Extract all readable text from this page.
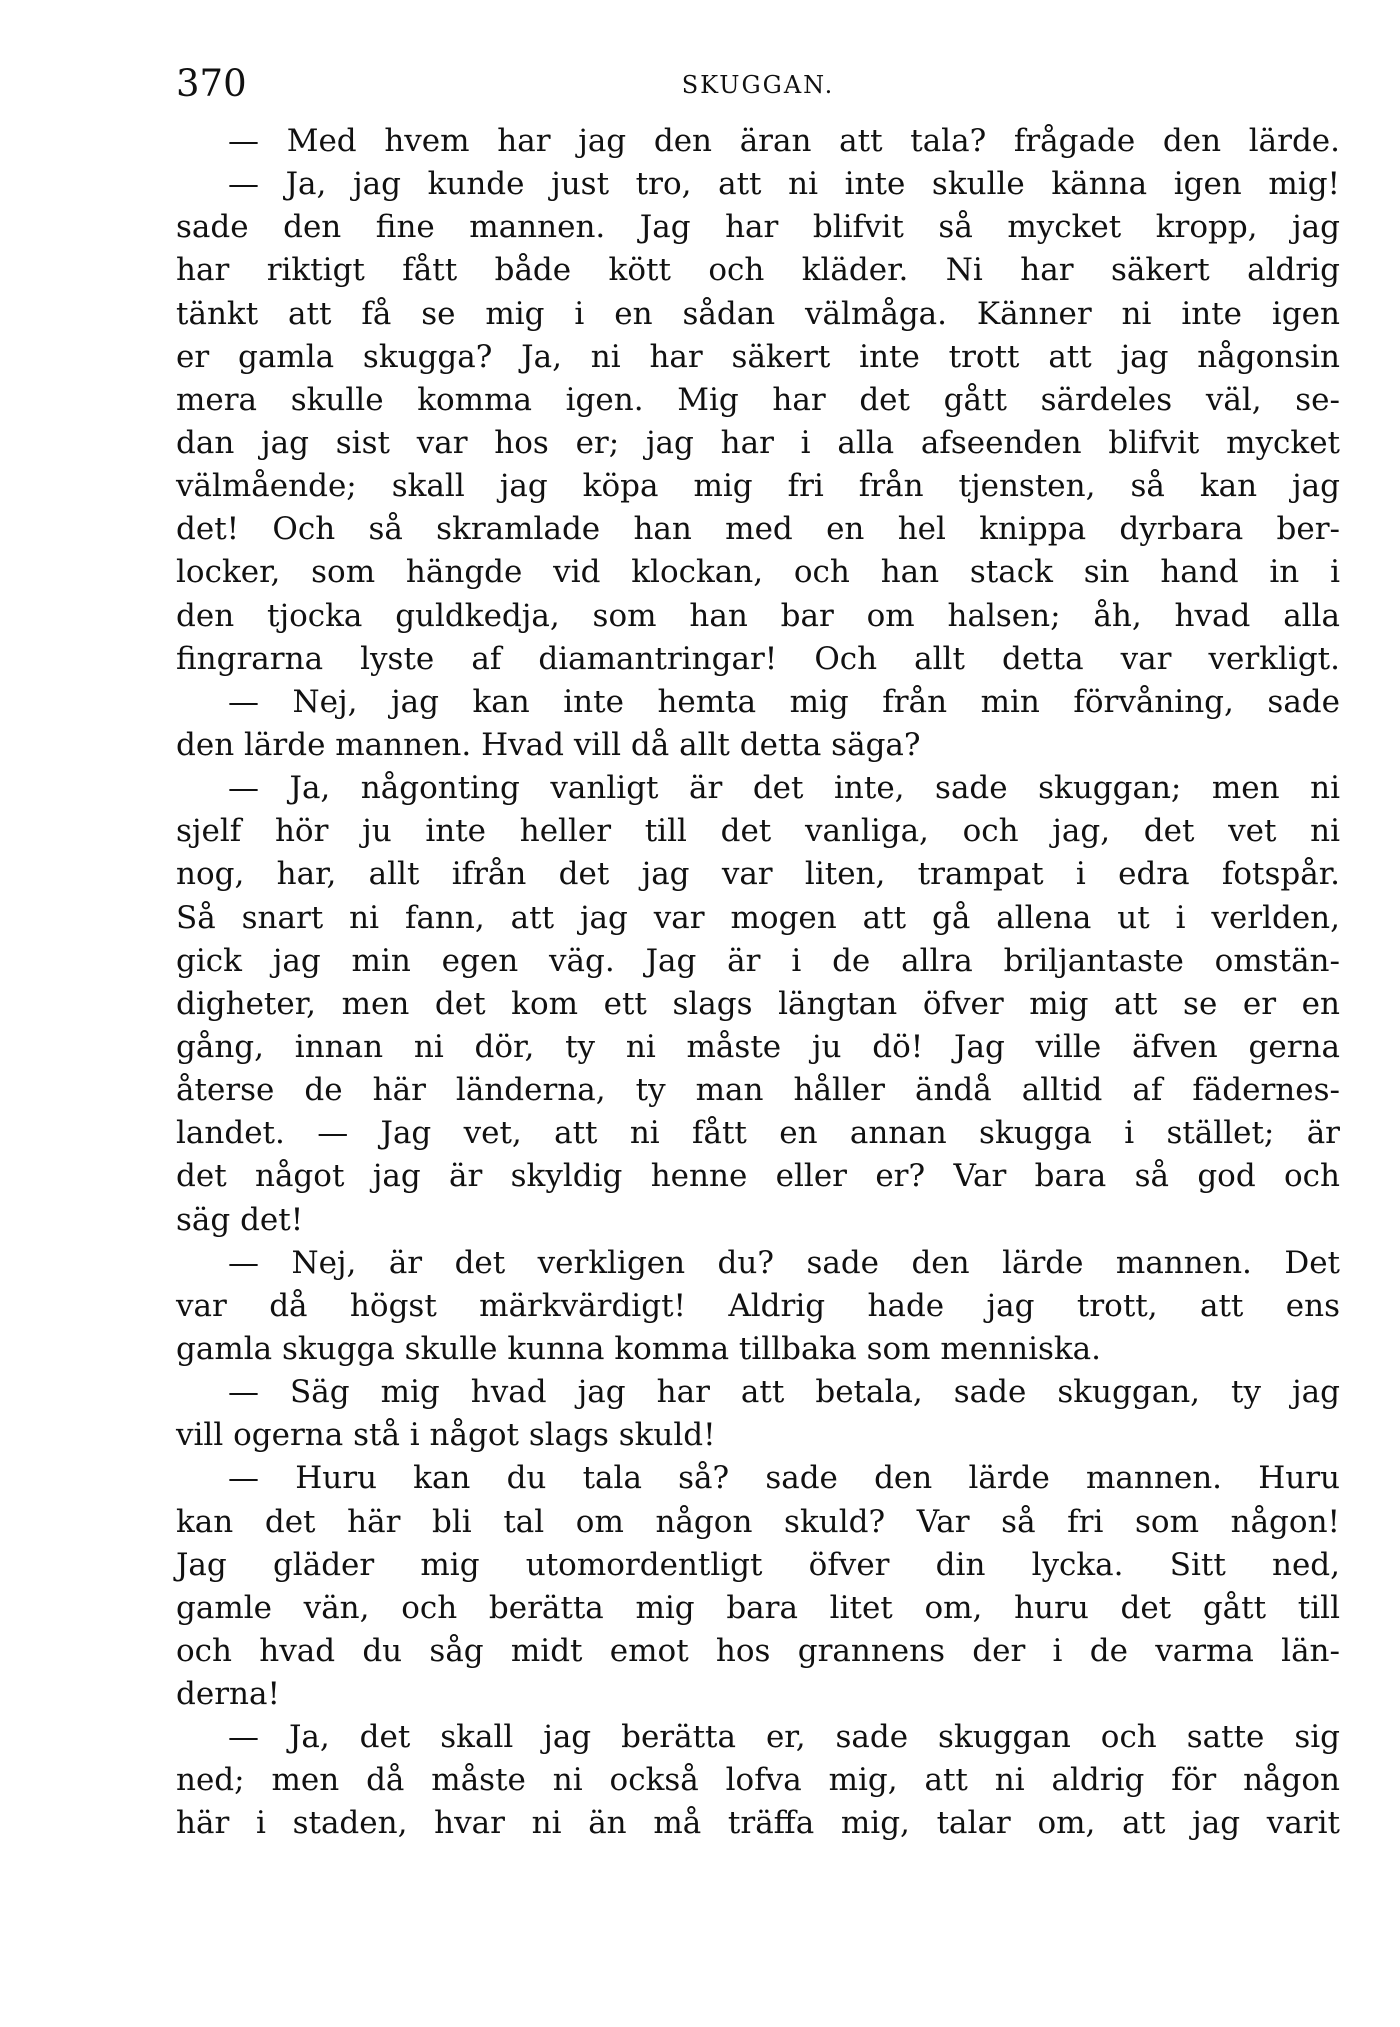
370	SKUGGAN.
— Med hvem har jag den äran att tala? frågade den lärde.
— Ja, jag kunde just tro, att ni inte skulle känna igen mig!
sade den fine mannen. Jag har blifvit så mycket kropp, jag
har riktigt fått både kött och kläder. Ni har säkert aldrig
tänkt att få se mig i en sådan välmåga. Känner ni inte igen
er gamla skugga? Ja, ni har säkert inte trott att jag någonsin
mera skulle komma igen. Mig har det gått särdeles väl, se-
dan jag sist var hos er; jag har i alla afseenden blifvit mycket
välmående; skall jag köpa mig fri från tjensten, så kan jag
det! Och så skramlade han med en hel knippa dyrbara ber-
locker, som hängde vid klockan, och han stack sin hand in i
den tjocka guldkedja, som han bar om halsen; åh, hvad alla
fingrarna lyste af diamantringar! Och allt detta var verkligt.
— Nej, jag kan inte hemta mig från min förvåning, sade
den lärde mannen. Hvad vill då allt detta säga?
— Ja, någonting vanligt är det inte, sade skuggan; men ni
sjelf hör ju inte heller till det vanliga, och jag, det vet ni
nog, har, allt ifrån det jag var liten, trampat i edra fotspår.
Så snart ni fann, att jag var mogen att gå allena ut i verlden,
gick jag min egen väg. Jag är i de allra briljantaste omstän-
digheter, men det kom ett slags längtan öfver mig att se er en
gång, innan ni dör, ty ni måste ju dö! Jag ville äfven gerna
återse de här länderna, ty man håller ändå alltid af fädernes-
landet. — Jag vet, att ni fått en annan skugga i stället; är
det något jag är skyldig henne eller er? Var bara så god och
säg det!
— Nej, är det verkligen du? sade den lärde mannen. Det
var då högst märkvärdigt! Aldrig hade jag trott, att ens
gamla skugga skulle kunna komma tillbaka som menniska.
— Säg mig hvad jag har att betala, sade skuggan, ty jag
vill ogerna stå i något slags skuld!
— Huru kan du tala så? sade den lärde mannen. Huru
kan det här bli tal om någon skuld? Var så fri som någon!
Jag gläder mig utomordentligt öfver din lycka. Sitt ned,
gamle vän, och berätta mig bara litet om, huru det gått till
och hvad du såg midt emot hos grannens der i de varma län-
derna!
— Ja, det skall jag berätta er, sade skuggan och satte sig
ned; men då måste ni också lofva mig, att ni aldrig för någon
här i staden, hvar ni än må träffa mig, talar om, att jag varit
